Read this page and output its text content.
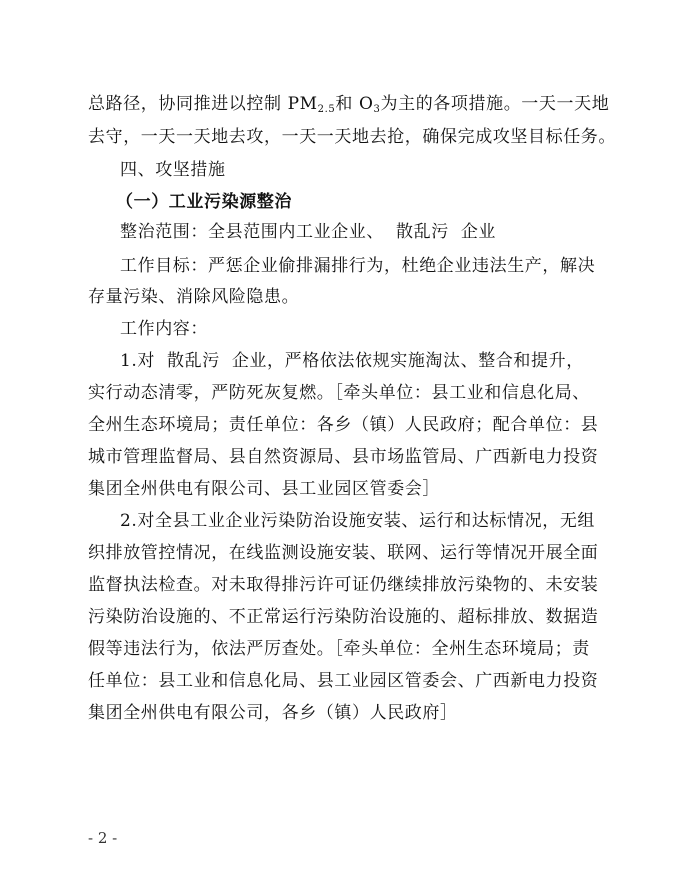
总路径，协同推进以控制 $PM_{2.5}$和 $O_3$为主的各项措施。一天一天地
去守，一天一天地去攻，一天一天地去抢，确保完成攻坚目标任务。
四、攻坚措施
（一）工业污染源整治
整治范围：全县范围内工业企业、  散乱污  企业
工作目标：严惩企业偷排漏排行为，杜绝企业违法生产，解决
存量污染、消除风险隐患。
工作内容：
1.对  散乱污  企业，严格依法依规实施淘汰、整合和提升，
实行动态清零，严防死灰复燃。［牵头单位：县工业和信息化局、
全州生态环境局；责任单位：各乡（镇）人民政府；配合单位：县
城市管理监督局、县自然资源局、县市场监管局、广西新电力投资
集团全州供电有限公司、县工业园区管委会］
2.对全县工业企业污染防治设施安装、运行和达标情况，无组
织排放管控情况，在线监测设施安装、联网、运行等情况开展全面
监督执法检查。对未取得排污许可证仍继续排放污染物的、未安装
污染防治设施的、不正常运行污染防治设施的、超标排放、数据造
假等违法行为，依法严厉查处。［牵头单位：全州生态环境局；责
任单位：县工业和信息化局、县工业园区管委会、广西新电力投资
集团全州供电有限公司，各乡（镇）人民政府］
- 2 -
